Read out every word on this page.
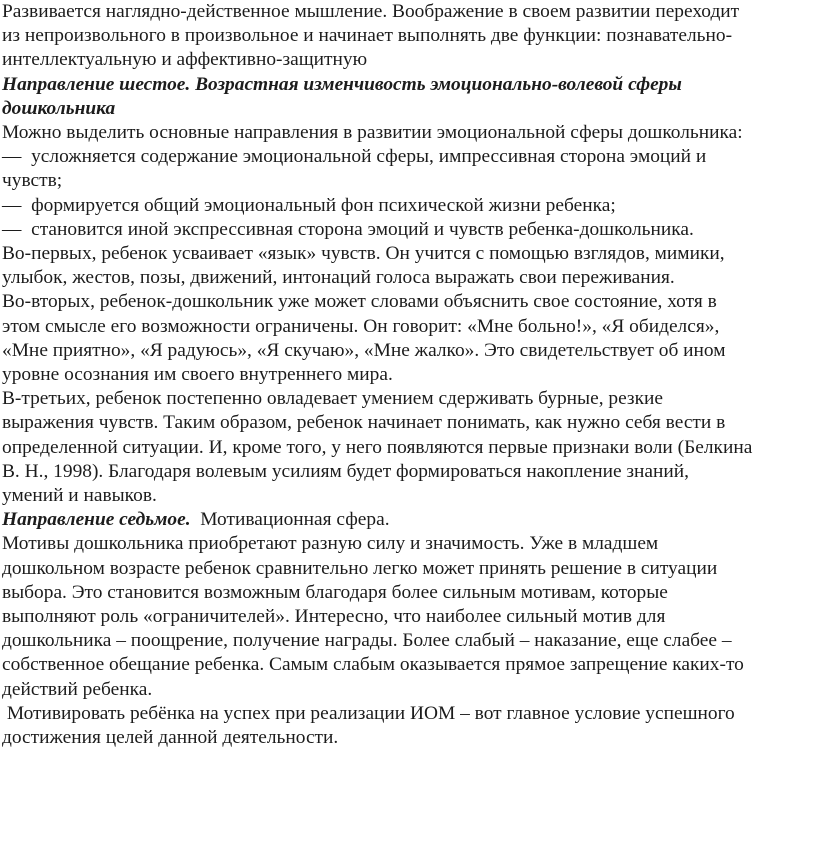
Развивается наглядно-действенное мышление. Воображение в своем развитии переходит
из непроизвольного в произвольное и начинает выполнять две функции: познавательно-
интеллектуальную и аффективно-защитную
Направление шестое. Возрастная изменчивость эмоционально-волевой сферы
дошкольника
Можно выделить основные направления в развитии эмоциональной сферы дошкольника:
—  усложняется содержание эмоциональной сферы, импрессивная сторона эмоций и
чувств;
—  формируется общий эмоциональный фон психической жизни ребенка;
—  становится иной экспрессивная сторона эмоций и чувств ребенка-дошкольника.
Во-первых, ребенок усваивает «язык» чувств. Он учится с помощью взглядов, мимики,
улыбок, жестов, позы, движений, интонаций голоса выражать свои переживания.
Во-вторых, ребенок-дошкольник уже может словами объяснить свое состояние, хотя в
этом смысле его возможности ограничены. Он говорит: «Мне больно!», «Я обиделся»,
«Мне приятно», «Я радуюсь», «Я скучаю», «Мне жалко». Это свидетельствует об ином
уровне осознания им своего внутреннего мира.
В-третьих, ребенок постепенно овладевает умением сдерживать бурные, резкие
выражения чувств. Таким образом, ребенок начинает понимать, как нужно себя вести в
определенной ситуации. И, кроме того, у него появляются первые признаки воли (Белкина
В. Н., 1998). Благодаря волевым усилиям будет формироваться накопление знаний,
умений и навыков.
Направление седьмое.  Мотивационная сфера.
Мотивы дошкольника приобретают разную силу и значимость. Уже в младшем
дошкольном возрасте ребенок сравнительно легко может принять решение в ситуации
выбора. Это становится возможным благодаря более сильным мотивам, которые
выполняют роль «ограничителей». Интересно, что наиболее сильный мотив для
дошкольника – поощрение, получение награды. Более слабый – наказание, еще слабее –
собственное обещание ребенка. Самым слабым оказывается прямое запрещение каких-то
действий ребенка.
Мотивировать ребёнка на успех при реализации ИОМ – вот главное условие успешного
достижения целей данной деятельности.
